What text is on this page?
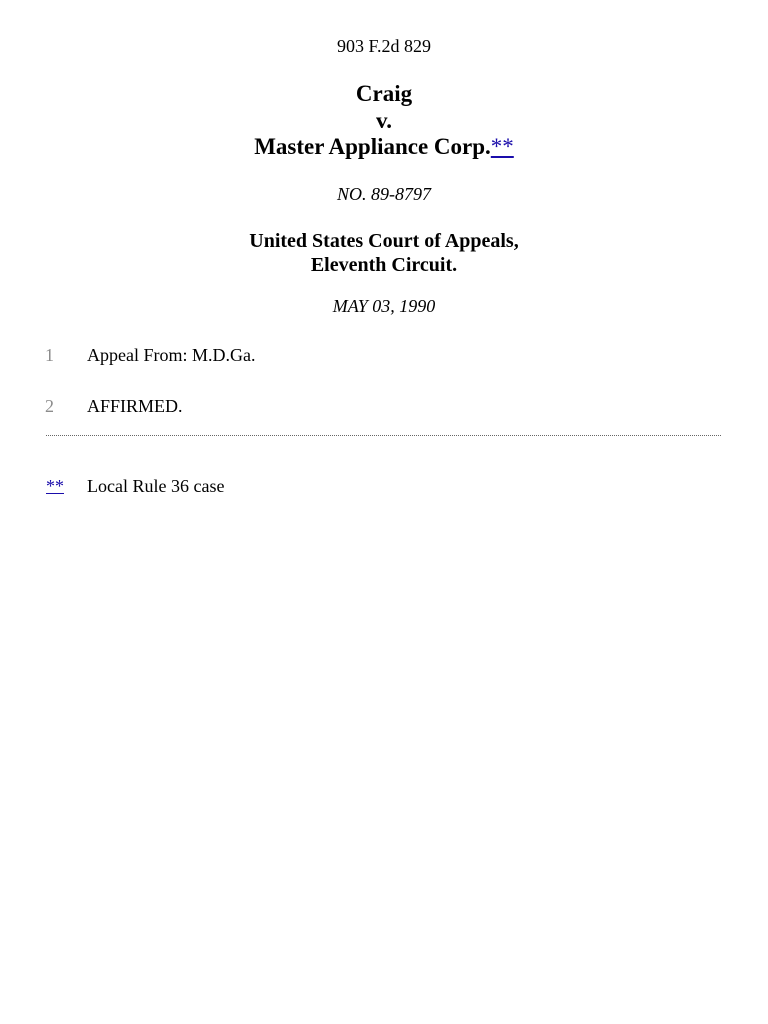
903 F.2d 829
Craig
v.
Master Appliance Corp.**
NO. 89-8797
United States Court of Appeals,
Eleventh Circuit.
MAY 03, 1990
1 Appeal From: M.D.Ga.
2 AFFIRMED.
** Local Rule 36 case
